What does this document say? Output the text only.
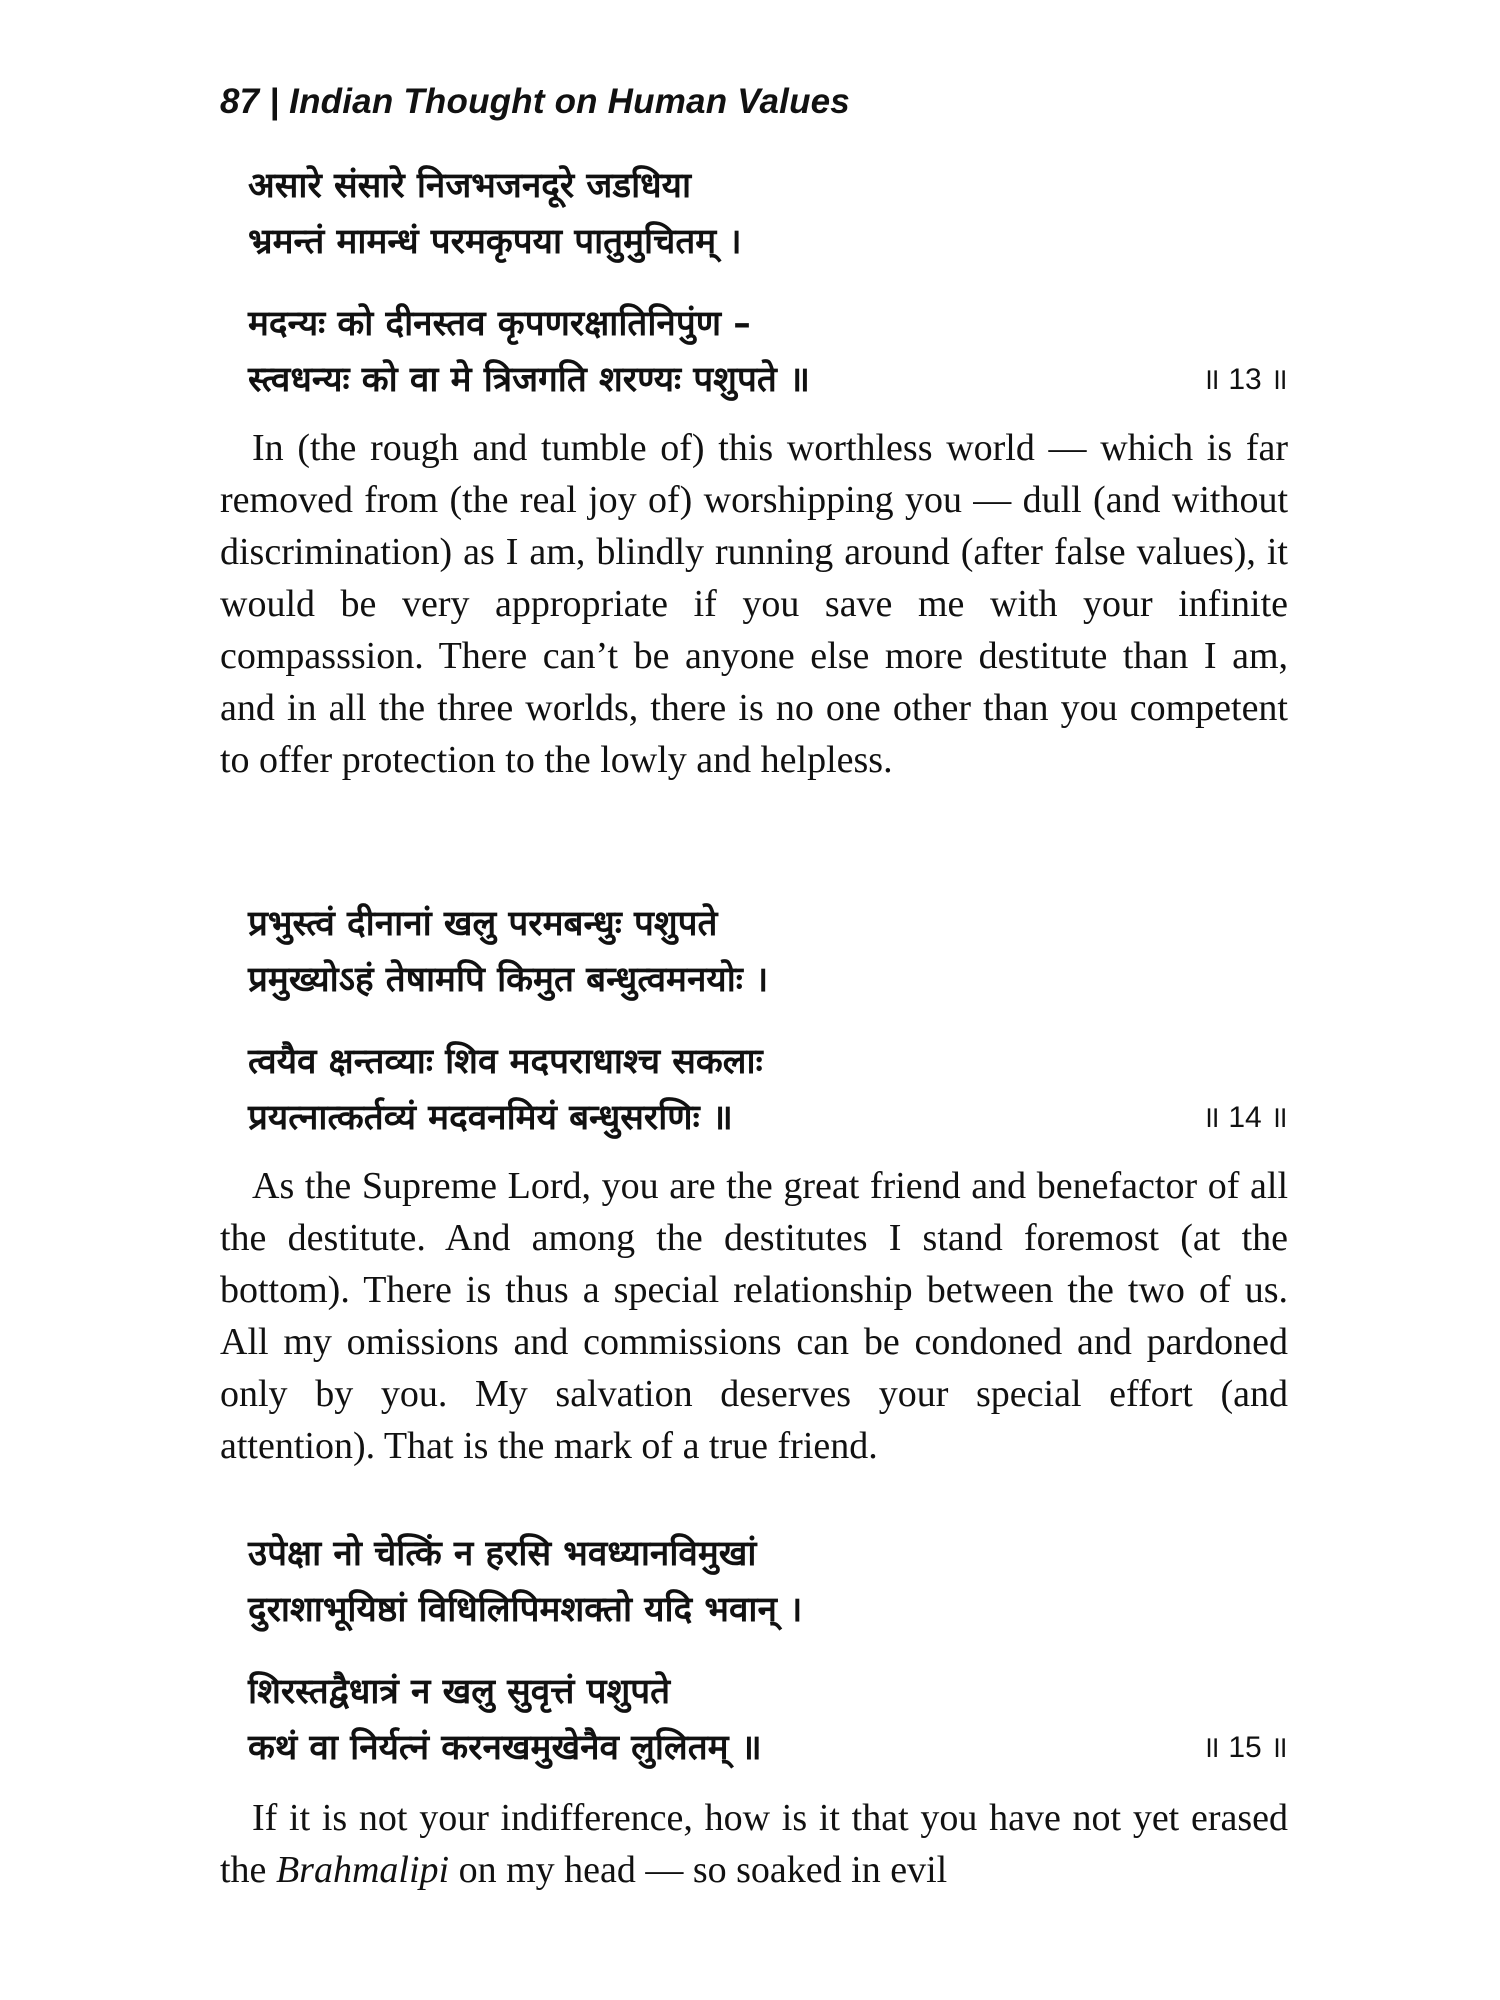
87 | Indian Thought on Human Values
असारे संसारे निजभजनदूरे जडधिया
भ्रमन्तं मामन्धं परमकृपया पातुमुचितम् ।
मदन्यः को दीनस्तव कृपणरक्षातिनिपुंण –
स्त्वधन्यः को वा मे त्रिजगति शरण्यः पशुपते ॥	॥ 13 ॥

In (the rough and tumble of) this worthless world — which is far removed from (the real joy of) worshipping you — dull (and without discrimination) as I am, blindly running around (after false values), it would be very appropriate if you save me with your infinite compasssion. There can’t be anyone else more destitute than I am, and in all the three worlds, there is no one other than you competent to offer protection to the lowly and helpless.

प्रभुस्त्वं दीनानां खलु परमबन्धुः पशुपते
प्रमुख्योऽहं तेषामपि किमुत बन्धुत्वमनयोः ।
त्वयैव क्षन्तव्याः शिव मदपराधाश्च सकलाः
प्रयत्नात्कर्तव्यं मदवनमियं बन्धुसरणिः ॥	॥ 14 ॥

As the Supreme Lord, you are the great friend and benefactor of all the destitute. And among the destitutes I stand foremost (at the bottom). There is thus a special relationship between the two of us. All my omissions and commissions can be condoned and pardoned only by you. My salvation deserves your special effort (and attention). That is the mark of a true friend.

उपेक्षा नो चेत्किं न हरसि भवध्यानविमुखां
दुराशाभूयिष्ठां विधिलिपिमशक्तो यदि भवान् ।
शिरस्तद्वैधात्रं न खलु सुवृत्तं पशुपते
कथं वा निर्यत्नं करनखमुखेनैव लुलितम् ॥	॥ 15 ॥

If it is not your indifference, how is it that you have not yet erased the Brahmalipi on my head — so soaked in evil
